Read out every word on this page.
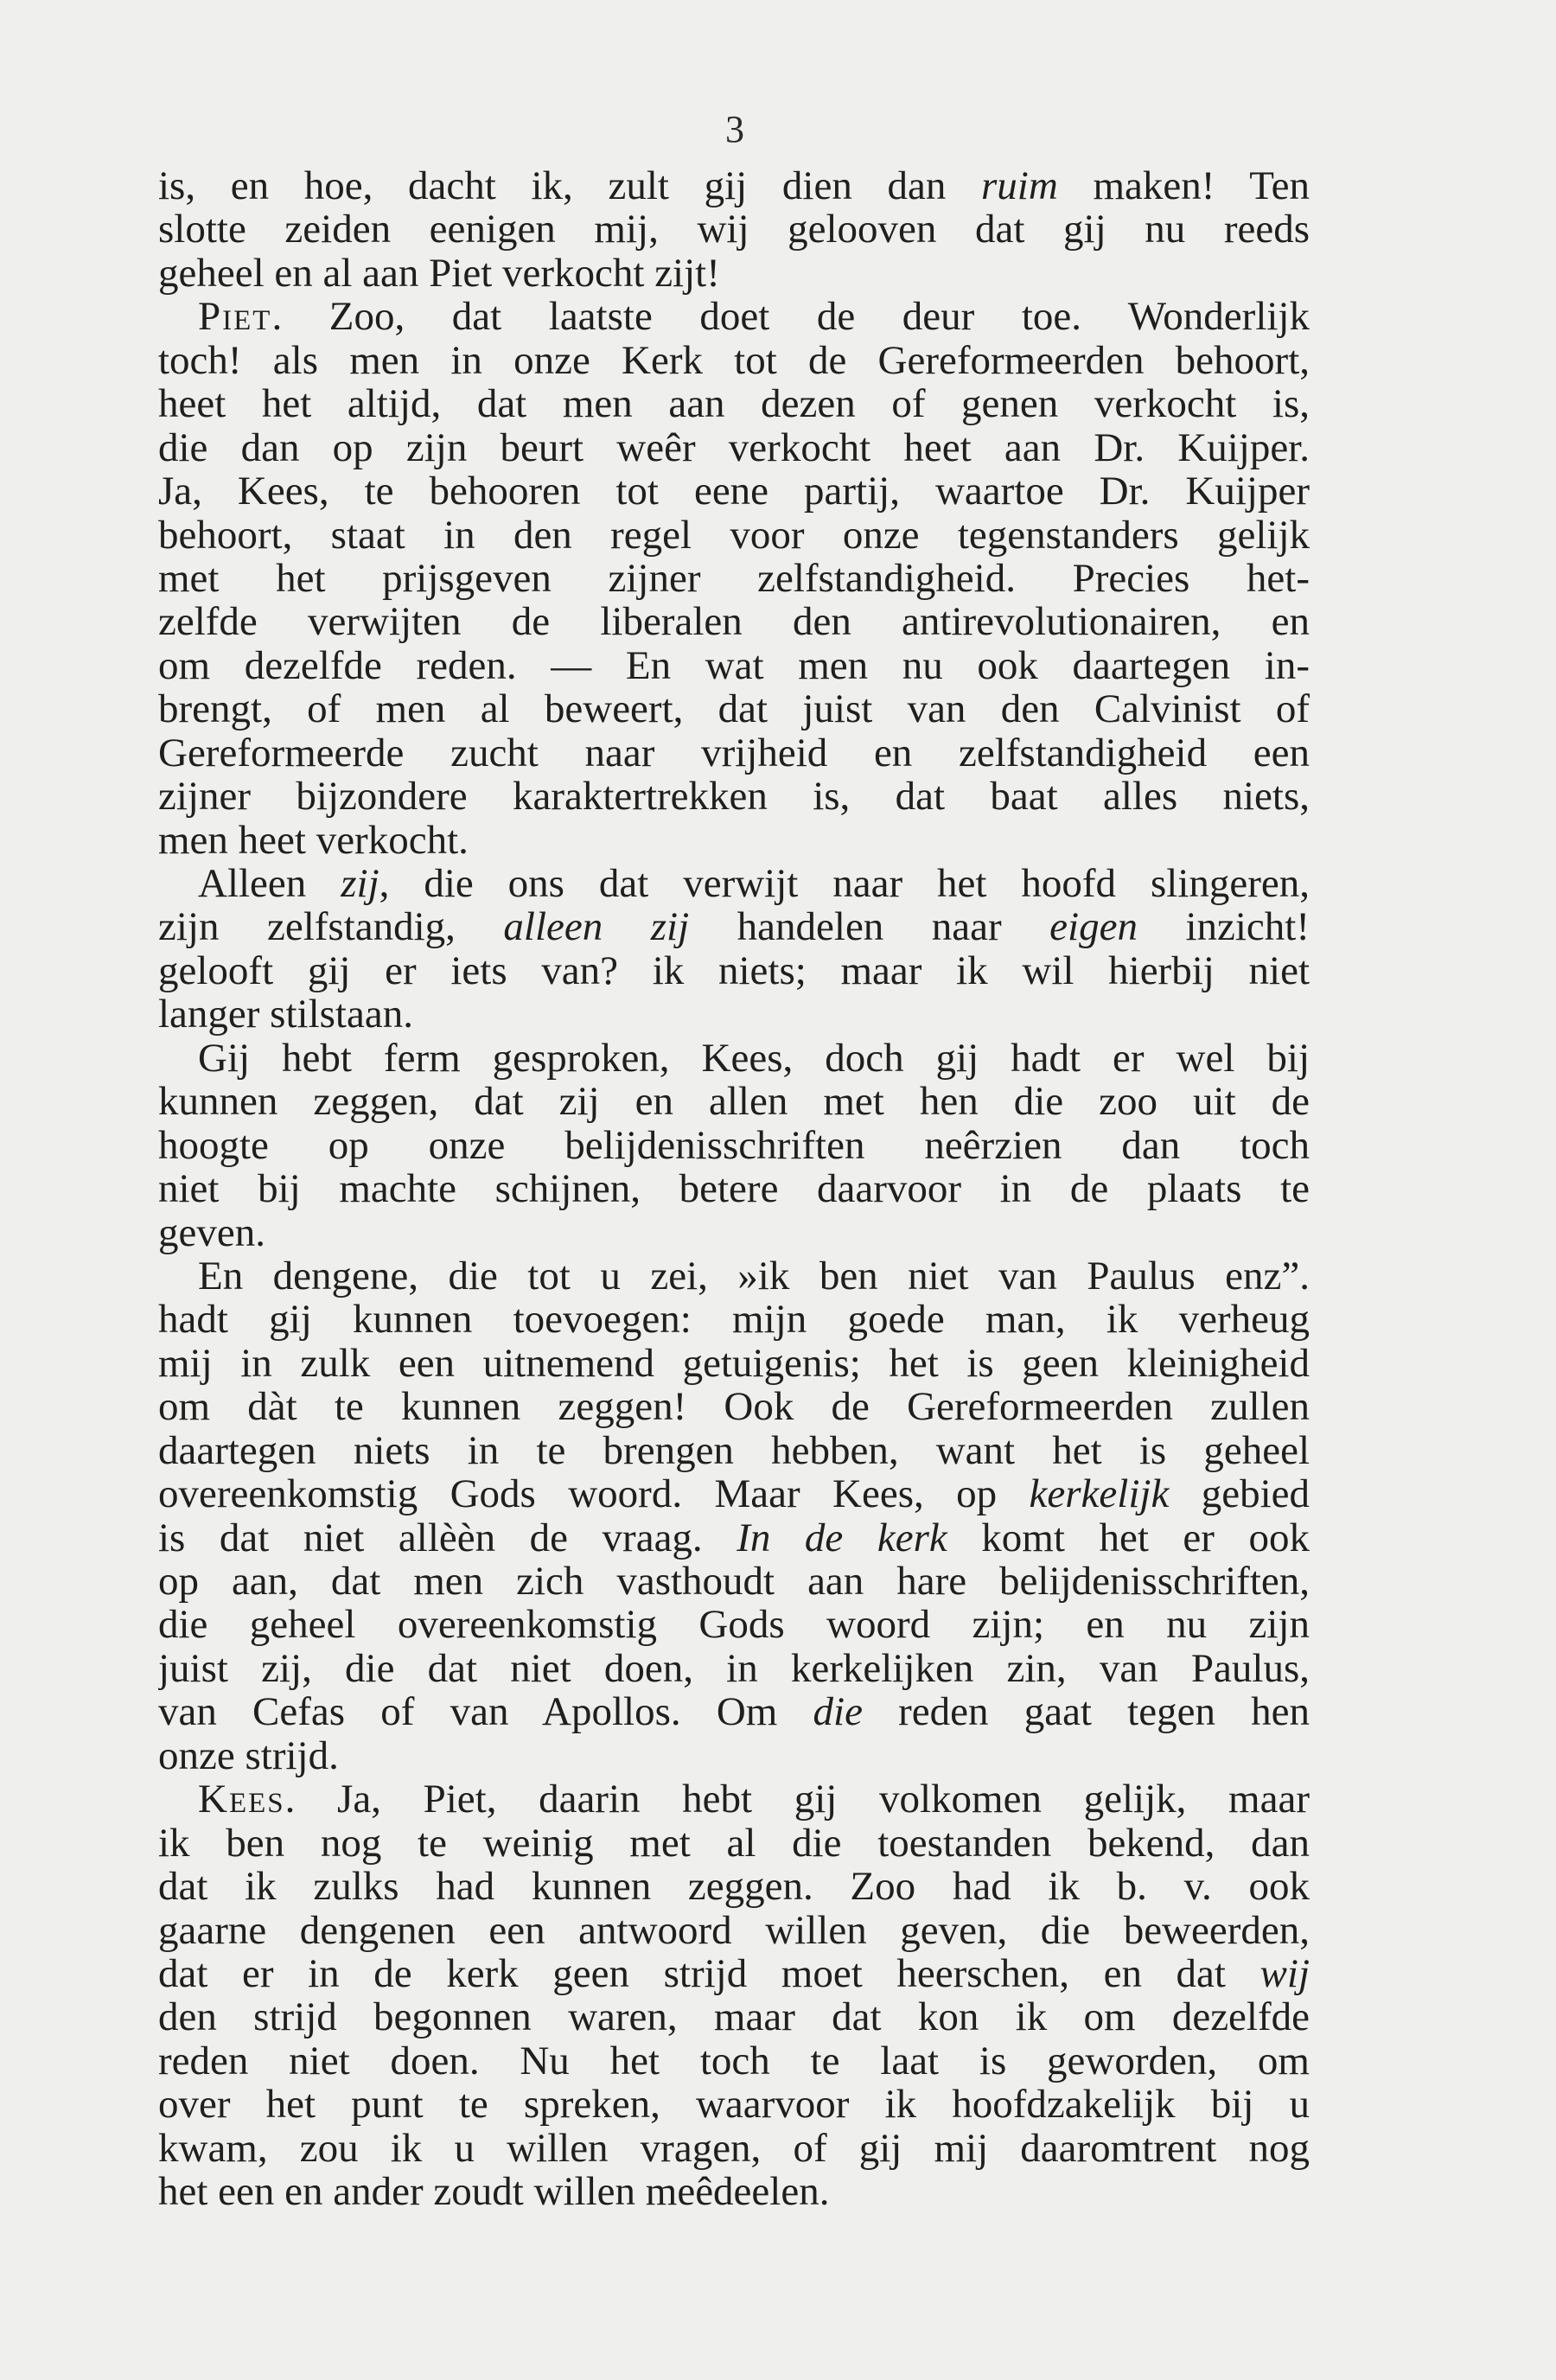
3
is, en hoe, dacht ik, zult gij dien dan ruim maken! Ten
slotte zeiden eenigen mij, wij gelooven dat gij nu reeds
geheel en al aan Piet verkocht zijt!
Piet. Zoo, dat laatste doet de deur toe. Wonderlijk
toch! als men in onze Kerk tot de Gereformeerden behoort,
heet het altijd, dat men aan dezen of genen verkocht is,
die dan op zijn beurt weêr verkocht heet aan Dr. Kuijper.
Ja, Kees, te behooren tot eene partij, waartoe Dr. Kuijper
behoort, staat in den regel voor onze tegenstanders gelijk
met het prijsgeven zijner zelfstandigheid. Precies het-
zelfde verwijten de liberalen den antirevolutionairen, en
om dezelfde reden. — En wat men nu ook daartegen in-
brengt, of men al beweert, dat juist van den Calvinist of
Gereformeerde zucht naar vrijheid en zelfstandigheid een
zijner bijzondere karaktertrekken is, dat baat alles niets,
men heet verkocht.
Alleen zij, die ons dat verwijt naar het hoofd slingeren,
zijn zelfstandig, alleen zij handelen naar eigen inzicht!
gelooft gij er iets van? ik niets; maar ik wil hierbij niet
langer stilstaan.
Gij hebt ferm gesproken, Kees, doch gij hadt er wel bij
kunnen zeggen, dat zij en allen met hen die zoo uit de
hoogte op onze belijdenisschriften neêrzien dan toch
niet bij machte schijnen, betere daarvoor in de plaats te
geven.
En dengene, die tot u zei, »ik ben niet van Paulus enz”.
hadt gij kunnen toevoegen: mijn goede man, ik verheug
mij in zulk een uitnemend getuigenis; het is geen kleinigheid
om dàt te kunnen zeggen! Ook de Gereformeerden zullen
daartegen niets in te brengen hebben, want het is geheel
overeenkomstig Gods woord. Maar Kees, op kerkelijk gebied
is dat niet allèèn de vraag. In de kerk komt het er ook
op aan, dat men zich vasthoudt aan hare belijdenisschriften,
die geheel overeenkomstig Gods woord zijn; en nu zijn
juist zij, die dat niet doen, in kerkelijken zin, van Paulus,
van Cefas of van Apollos. Om die reden gaat tegen hen
onze strijd.
Kees. Ja, Piet, daarin hebt gij volkomen gelijk, maar
ik ben nog te weinig met al die toestanden bekend, dan
dat ik zulks had kunnen zeggen. Zoo had ik b. v. ook
gaarne dengenen een antwoord willen geven, die beweerden,
dat er in de kerk geen strijd moet heerschen, en dat wij
den strijd begonnen waren, maar dat kon ik om dezelfde
reden niet doen. Nu het toch te laat is geworden, om
over het punt te spreken, waarvoor ik hoofdzakelijk bij u
kwam, zou ik u willen vragen, of gij mij daaromtrent nog
het een en ander zoudt willen meêdeelen.
